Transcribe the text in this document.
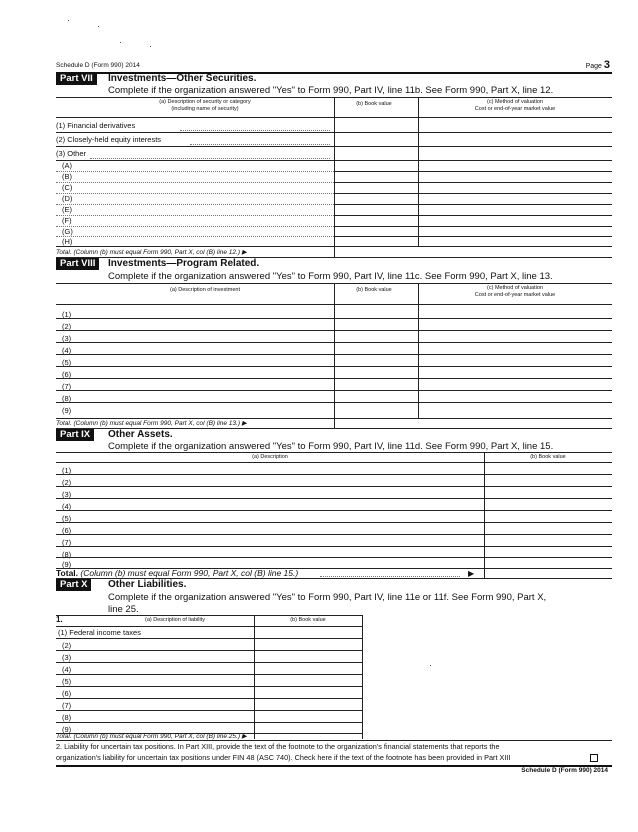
Schedule D (Form 990) 2014	Page 3
Part VII	Investments—Other Securities.
Complete if the organization answered "Yes" to Form 990, Part IV, line 11b. See Form 990, Part X, line 12.
(a) Description of security or category
(including name of security)
(b) Book value	(c) Method of valuation
Cost or end-of-year market value
(1) Financial derivatives
(2) Closely-held equity interests
(3) Other
(A)
(B)
(C)
(D)
(E)
(F)
(G)
(H)
Total. (Column (b) must equal Form 990, Part X, col (B) line 12.) ▶
Part VIII	Investments—Program Related.
Complete if the organization answered "Yes" to Form 990, Part IV, line 11c. See Form 990, Part X, line 13.
(a) Description of investment	(b) Book value	(c) Method of valuation
Cost or end-of-year market value
(1)
(2)
(3)
(4)
(5)
(6)
(7)
(8)
(9)
Total. (Column (b) must equal Form 990, Part X, col (B) line 13.) ▶
Part IX	Other Assets.
Complete if the organization answered "Yes" to Form 990, Part IV, line 11d. See Form 990, Part X, line 15.
(a) Description	(b) Book value
(1)
(2)
(3)
(4)
(5)
(6)
(7)
(8)
(9)
Total. (Column (b) must equal Form 990, Part X, col (B) line 15.)	▶
Part X	Other Liabilities.
Complete if the organization answered "Yes" to Form 990, Part IV, line 11e or 11f. See Form 990, Part X,
line 25.
1.	(a) Description of liability	(b) Book value
(1) Federal income taxes
(2)
(3)
(4)
(5)
(6)
(7)
(8)
(9)
Total. (Column (b) must equal Form 990, Part X, col (B) line 25.) ▶
2. Liability for uncertain tax positions. In Part XIII, provide the text of the footnote to the organization's financial statements that reports the
organization's liability for uncertain tax positions under FIN 48 (ASC 740). Check here if the text of the footnote has been provided in Part XIII
Schedule D (Form 990) 2014
